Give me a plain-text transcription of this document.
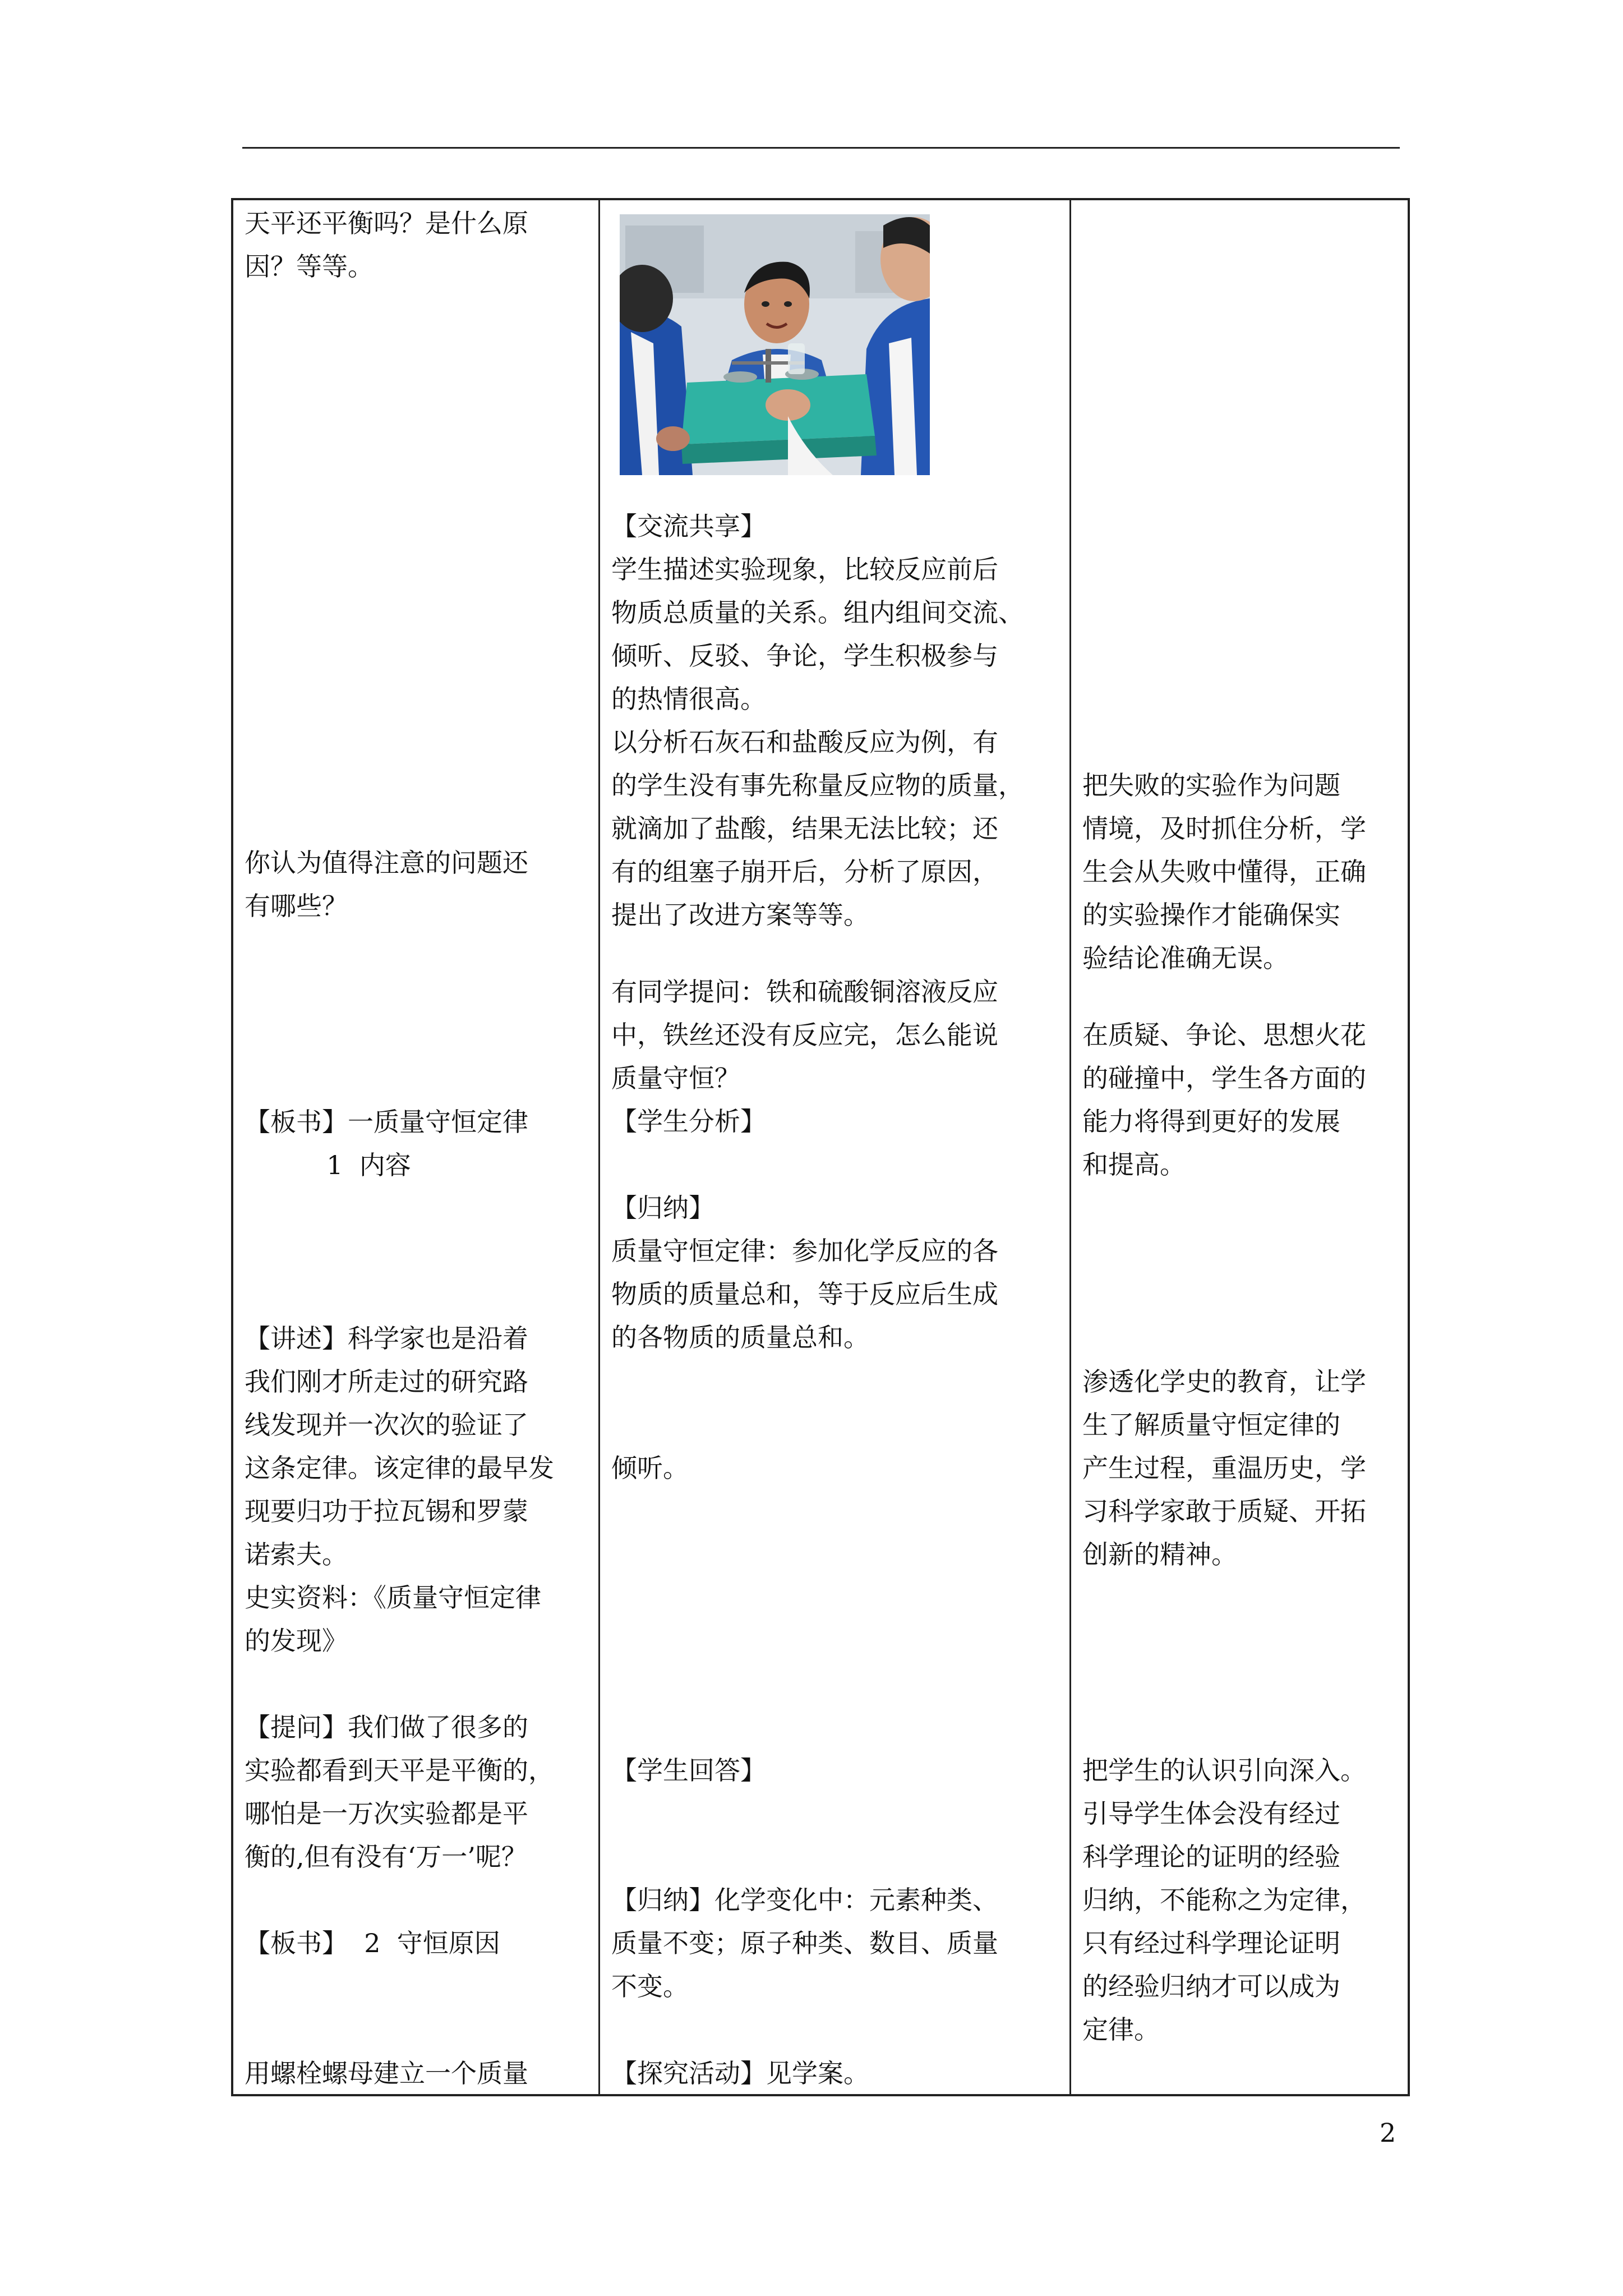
天平还平衡吗？是什么原
因？等等。
你认为值得注意的问题还
有哪些？
【板书】一质量守恒定律
1  内容
【讲述】科学家也是沿着
我们刚才所走过的研究路
线发现并一次次的验证了
这条定律。该定律的最早发
现要归功于拉瓦锡和罗蒙
诺索夫。
史实资料：《质量守恒定律
的发现》
【提问】我们做了很多的
实验都看到天平是平衡的，
哪怕是一万次实验都是平
衡的,但有没有‘万一’呢？
【板书】  2  守恒原因
用螺栓螺母建立一个质量
【交流共享】
学生描述实验现象，比较反应前后
物质总质量的关系。组内组间交流、
倾听、反驳、争论，学生积极参与
的热情很高。
以分析石灰石和盐酸反应为例，有
的学生没有事先称量反应物的质量，
就滴加了盐酸，结果无法比较；还
有的组塞子崩开后，分析了原因，
提出了改进方案等等。
有同学提问：铁和硫酸铜溶液反应
中，铁丝还没有反应完，怎么能说
质量守恒？
【学生分析】
【归纳】
质量守恒定律：参加化学反应的各
物质的质量总和，等于反应后生成
的各物质的质量总和。
倾听。
【学生回答】
【归纳】化学变化中：元素种类、
质量不变；原子种类、数目、质量
不变。
【探究活动】见学案。
把失败的实验作为问题
情境，及时抓住分析，学
生会从失败中懂得，正确
的实验操作才能确保实
验结论准确无误。
在质疑、争论、思想火花
的碰撞中，学生各方面的
能力将得到更好的发展
和提高。
渗透化学史的教育，让学
生了解质量守恒定律的
产生过程，重温历史，学
习科学家敢于质疑、开拓
创新的精神。
把学生的认识引向深入。
引导学生体会没有经过
科学理论的证明的经验
归纳，不能称之为定律，
只有经过科学理论证明
的经验归纳才可以成为
定律。
2
